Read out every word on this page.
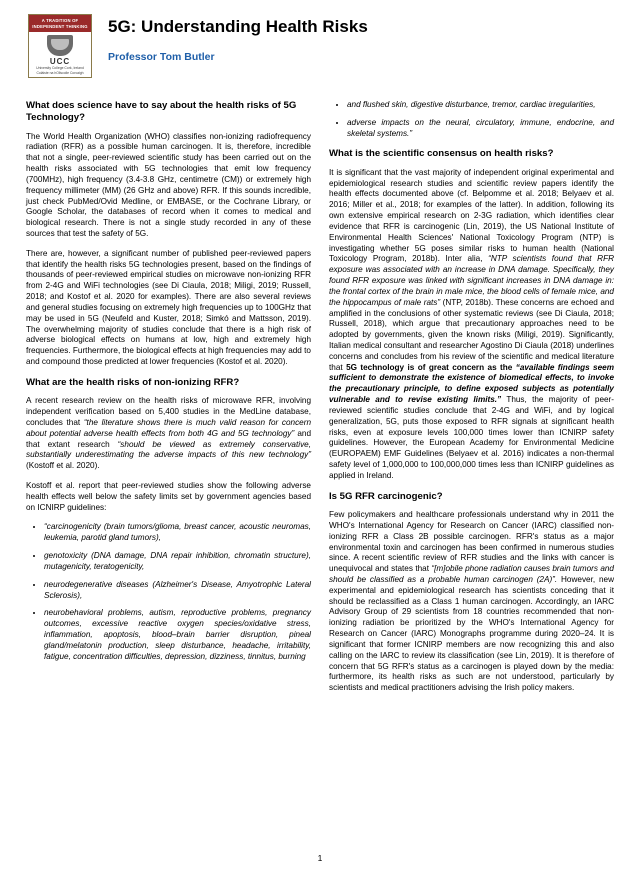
A TRADITION OF INDEPENDENT THINKING
UCC
University College Cork, Ireland Coláiste na hOllscoile Corcaigh
5G: Understanding Health Risks

Professor Tom Butler

What does science have to say about the health risks of 5G Technology?

The World Health Organization (WHO) classifies non-ionizing radiofrequency radiation (RFR) as a possible human carcinogen. It is, therefore, incredible that not a single, peer-reviewed scientific study has been carried out on the health risks associated with 5G technologies that emit low frequency (700MHz), high frequency (3.4-3.8 GHz, centimetre (CM)) or extremely high frequency millimeter (MM) (26 GHz and above) RFR. If this sounds incredible, just check PubMed/Ovid Medline, or EMBASE, or the Cochrane Library, or Google Scholar, the databases of record when it comes to medical and biological research. There is not a single study recorded in any of these sources that test the safety of 5G.

There are, however, a significant number of published peer-reviewed papers that identify the health risks 5G technologies present, based on the findings of thousands of peer-reviewed empirical studies on microwave non-ionizing RFR from 2-4G and WiFi technologies (see Di Ciaula, 2018; Miligi, 2019; Russell, 2018; and Kostof et al. 2020 for examples). There are also several reviews and general studies focusing on extremely high frequencies up to 100GHz that may be used in 5G (Neufeld and Kuster, 2018; Simkó and Mattsson, 2019). The overwhelming majority of studies conclude that there is a high risk of adverse biological effects on humans at low, high and extremely high frequencies. Furthermore, the biological effects at high frequencies may add to and compound those predicted at lower frequencies (Kostof et al. 2020).

What are the health risks of non-ionizing RFR?

A recent research review on the health risks of microwave RFR, involving independent verification based on 5,400 studies in the MedLine database, concludes that “the literature shows there is much valid reason for concern about potential adverse health effects from both 4G and 5G technology” and that extant research “should be viewed as extremely conservative, substantially underestimating the adverse impacts of this new technology” (Kostoff et al. 2020).

Kostoff et al. report that peer-reviewed studies show the following adverse health effects well below the safety limits set by government agencies based on ICNIRP guidelines:

• “carcinogenicity (brain tumors/glioma, breast cancer, acoustic neuromas, leukemia, parotid gland tumors),
• genotoxicity (DNA damage, DNA repair inhibition, chromatin structure), mutagenicity, teratogenicity,
• neurodegenerative diseases (Alzheimer's Disease, Amyotrophic Lateral Sclerosis),
• neurobehavioral problems, autism, reproductive problems, pregnancy outcomes, excessive reactive oxygen species/oxidative stress, inflammation, apoptosis, blood–brain barrier disruption, pineal gland/melatonin production, sleep disturbance, headache, irritability, fatigue, concentration difficulties, depression, dizziness, tinnitus, burning
• and flushed skin, digestive disturbance, tremor, cardiac irregularities,
• adverse impacts on the neural, circulatory, immune, endocrine, and skeletal systems.”
What is the scientific consensus on health risks?

It is significant that the vast majority of independent original experimental and epidemiological research studies and scientific review papers identify the health effects documented above (cf. Belpomme et al. 2018; Belyaev et al. 2016; Miller et al., 2018; for examples of the latter). In addition, following its own extensive empirical research on 2-3G radiation, which identifies clear evidence that RFR is carcinogenic (Lin, 2019), the US National Institute of Environmental Health Sciences' National Toxicology Program (NTP) is investigating whether 5G poses similar risks to human health (National Toxicology Program, 2018b). Inter alia, “NTP scientists found that RFR exposure was associated with an increase in DNA damage. Specifically, they found RFR exposure was linked with significant increases in DNA damage in: the frontal cortex of the brain in male mice, the blood cells of female mice, and the hippocampus of male rats” (NTP, 2018b). These concerns are echoed and amplified in the conclusions of other systematic reviews (see Di Ciaula, 2018; Russell, 2018), which argue that precautionary approaches need to be adopted by governments, given the known risks (Miligi, 2019). Significantly, Italian medical consultant and researcher Agostino Di Ciaula (2018) underlines concerns and concludes from his review of the scientific and medical literature that 5G technology is of great concern as the “available findings seem sufficient to demonstrate the existence of biomedical effects, to invoke the precautionary principle, to define exposed subjects as potentially vulnerable and to revise existing limits.” Thus, the majority of peer-reviewed scientific studies conclude that 2-4G and WiFi, and by logical generalization, 5G, puts those exposed to RFR signals at significant health risks, even at exposure levels 100,000 times lower than ICNIRP safety guidelines. However, the European Academy for Environmental Medicine (EUROPAEM) EMF Guidelines (Belyaev et al. 2016) indicates a non-thermal safety level of 1,000,000 to 100,000,000 times less than ICNIRP guidelines as applied in Ireland.

Is 5G RFR carcinogenic?

Few policymakers and healthcare professionals understand why in 2011 the WHO's International Agency for Research on Cancer (IARC) classified non-ionizing RFR a Class 2B possible carcinogen. RFR's status as a major environmental toxin and carcinogen has been confirmed in numerous studies since. A recent scientific review of RFR studies and the links with cancer is unequivocal and states that “[m]obile phone radiation causes brain tumors and should be classified as a probable human carcinogen (2A)”. However, new experimental and epidemiological research has scientists conceding that it should be reclassified as a Class 1 human carcinogen. Accordingly, an IARC Advisory Group of 29 scientists from 18 countries recommended that non-ionizing radiation be prioritized by the WHO's International Agency for Research on Cancer (IARC) Monographs programme during 2020–24. It is significant that former ICNIRP members are now recognizing this and also calling on the IARC to review its classification (see Lin, 2019). It is therefore of concern that 5G RFR's status as a carcinogen is played down by the media: furthermore, its health risks as such are not understood, particularly by scientists and medical practitioners advising the Irish policy makers.

1
